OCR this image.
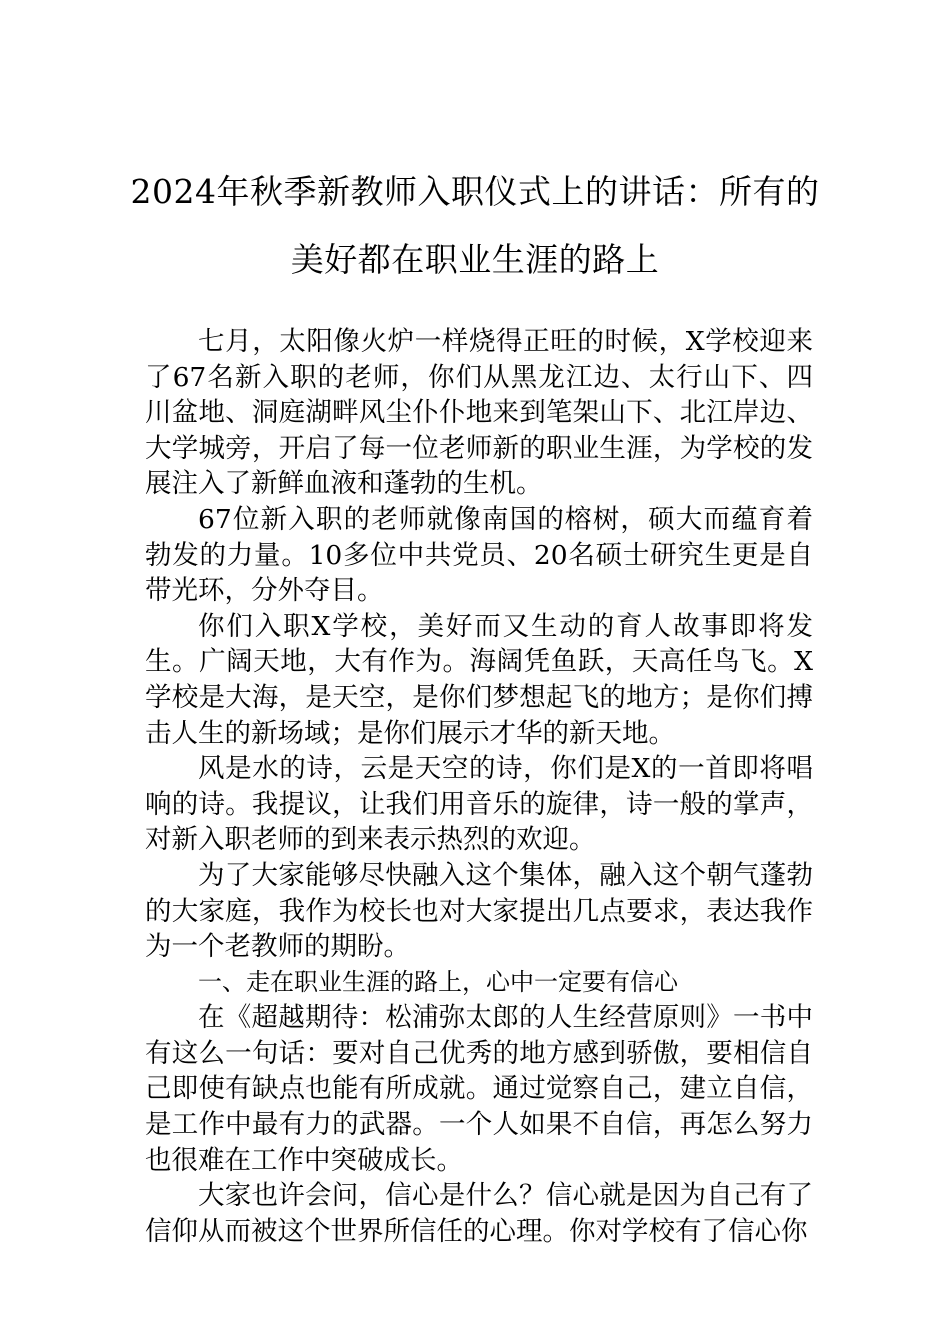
2024年秋季新教师入职仪式上的讲话：所有的美好都在职业生涯的路上

七月，太阳像火炉一样烧得正旺的时候，X学校迎来了67名新入职的老师，你们从黑龙江边、太行山下、四川盆地、洞庭湖畔风尘仆仆地来到笔架山下、北江岸边、大学城旁，开启了每一位老师新的职业生涯，为学校的发展注入了新鲜血液和蓬勃的生机。

67位新入职的老师就像南国的榕树，硕大而蕴育着勃发的力量。10多位中共党员、20名硕士研究生更是自带光环，分外夺目。

你们入职X学校，美好而又生动的育人故事即将发生。广阔天地，大有作为。海阔凭鱼跃，天高任鸟飞。X学校是大海，是天空，是你们梦想起飞的地方；是你们搏击人生的新场域；是你们展示才华的新天地。

风是水的诗，云是天空的诗，你们是X的一首即将唱响的诗。我提议，让我们用音乐的旋律，诗一般的掌声，对新入职老师的到来表示热烈的欢迎。

为了大家能够尽快融入这个集体，融入这个朝气蓬勃的大家庭，我作为校长也对大家提出几点要求，表达我作为一个老教师的期盼。

一、走在职业生涯的路上，心中一定要有信心

在《超越期待：松浦弥太郎的人生经营原则》一书中有这么一句话：要对自己优秀的地方感到骄傲，要相信自己即使有缺点也能有所成就。通过觉察自己，建立自信，是工作中最有力的武器。一个人如果不自信，再怎么努力也很难在工作中突破成长。

大家也许会问，信心是什么？信心就是因为自己有了信仰从而被这个世界所信任的心理。你对学校有了信心你
